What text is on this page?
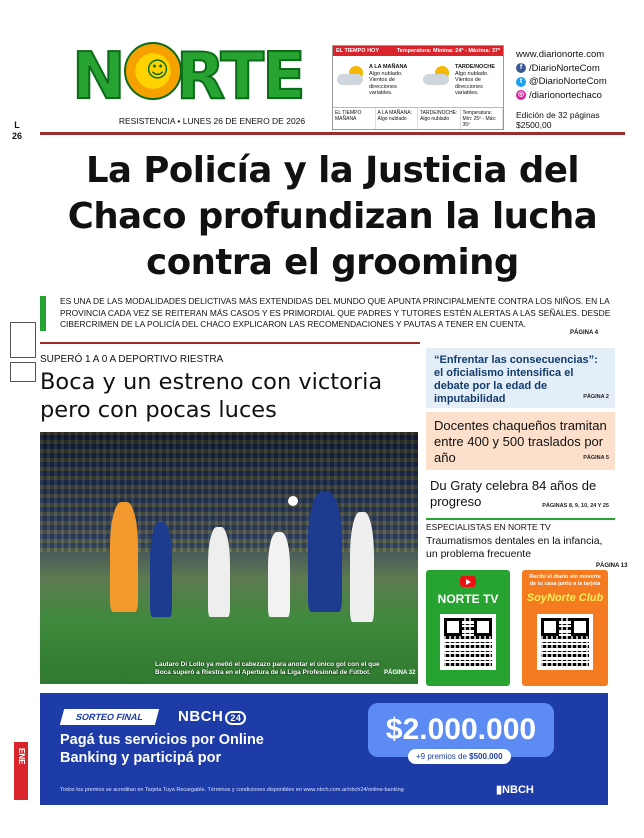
N ☺ RTE
RESISTENCIA • LUNES 26 DE ENERO DE 2026
EL TIEMPO HOY	Temperatura: Mínima: 24º - Máxima: 37º
A LA MAÑANA
Algo nublado. Vientos de direcciones variables.
TARDE/NOCHE
Algo nublado. Vientos de direcciones variables.
EL TIEMPO MAÑANA
A LA MAÑANA: Algo nublado
TARDE/NOCHE: Algo nublado
Temperatura: Mín: 25º - Máx: 35º
www.diarionorte.com
f /DiarioNorteCom
t @DiarioNorteCom
◎ /diarionortechaco
Edición de 32 páginas
$2500,00
L
26
La Policía y la Justicia del Chaco profundizan la lucha contra el grooming
ES UNA DE LAS MODALIDADES DELICTIVAS MÁS EXTENDIDAS DEL MUNDO QUE APUNTA PRINCIPALMENTE CONTRA LOS NIÑOS. EN LA PROVINCIA CADA VEZ SE REITERAN MÁS CASOS Y ES PRIMORDIAL QUE PADRES Y TUTORES ESTÉN ALERTAS A LAS SEÑALES. DESDE CIBERCRIMEN DE LA POLICÍA DEL CHACO EXPLICARON LAS RECOMENDACIONES Y PAUTAS A TENER EN CUENTA.
PÁGINA 4
SUPERÓ 1 A 0 A DEPORTIVO RIESTRA
Boca y un estreno con victoria pero con pocas luces
Lautaro Di Lollo ya metió el cabezazo para anotar el único gol con el que Boca superó a Riestra en el Apertura de la Liga Profesional de Fútbol.	PÁGINA 32
“Enfrentar las consecuencias”: el oficialismo intensifica el debate por la edad de imputabilidad	PÁGINA 2
Docentes chaqueños tramitan entre 400 y 500 traslados por año	PÁGINA 5
Du Graty celebra 84 años de progreso	PÁGINAS 8, 9, 10, 24 Y 25
ESPECIALISTAS EN NORTE TV
Traumatismos dentales en la infancia, un problema frecuente
PÁGINA 13
NORTE TV
Recibí el diario sin moverte de tu casa junto a la tarjeta
SoyNorte Club
SORTEO FINAL	NBCH 24
Pagá tus servicios por Online Banking y participá por
$2.000.000
+9 premios de $500.000
Todos los premios se acreditan en Tarjeta Tuya Recargable. Términos y condiciones disponibles en www.nbch.com.ar/nbch24/online-banking	▮NBCH
ENE
